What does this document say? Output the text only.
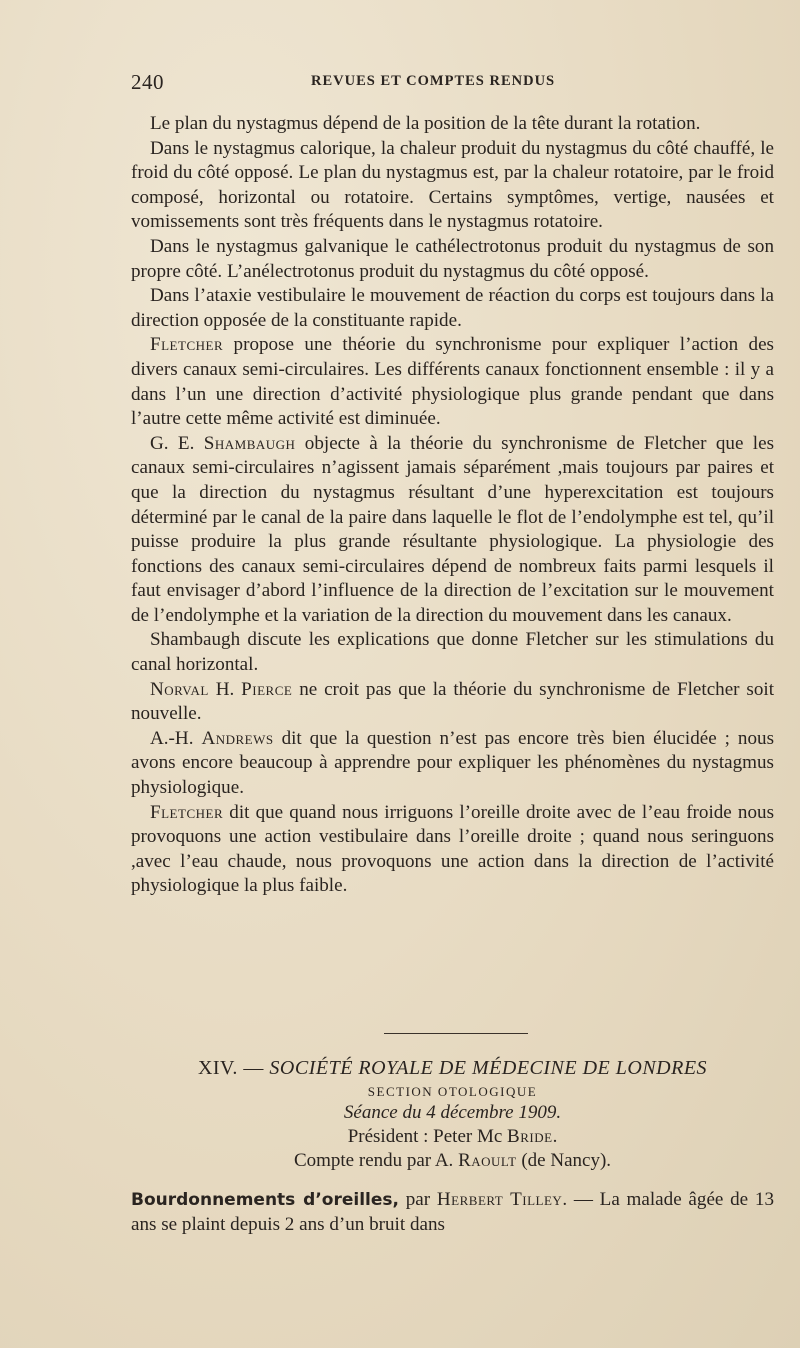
240	REVUES ET COMPTES RENDUS

Le plan du nystagmus dépend de la position de la tête durant la rotation.

Dans le nystagmus calorique, la chaleur produit du nystagmus du côté chauffé, le froid du côté opposé. Le plan du nystagmus est, par la chaleur rotatoire, par le froid composé, horizontal ou rotatoire. Certains symptômes, vertige, nausées et vomissements sont très fréquents dans le nystagmus rotatoire.

Dans le nystagmus galvanique le cathélectrotonus produit du nystagmus de son propre côté. L’anélectrotonus produit du nystagmus du côté opposé.

Dans l’ataxie vestibulaire le mouvement de réaction du corps est toujours dans la direction opposée de la constituante rapide.

Fletcher propose une théorie du synchronisme pour expliquer l’action des divers canaux semi-circulaires. Les différents canaux fonctionnent ensemble : il y a dans l’un une direction d’activité physiologique plus grande pendant que dans l’autre cette même activité est diminuée.

G. E. Shambaugh objecte à la théorie du synchronisme de Fletcher que les canaux semi-circulaires n’agissent jamais séparément ,mais toujours par paires et que la direction du nystagmus résultant d’une hyperexcitation est toujours déterminé par le canal de la paire dans laquelle le flot de l’endolymphe est tel, qu’il puisse produire la plus grande résultante physiologique. La physiologie des fonctions des canaux semi-circulaires dépend de nombreux faits parmi lesquels il faut envisager d’abord l’influence de la direction de l’excitation sur le mouvement de l’endolymphe et la variation de la direction du mouvement dans les canaux.

Shambaugh discute les explications que donne Fletcher sur les stimulations du canal horizontal.

Norval H. Pierce ne croit pas que la théorie du synchronisme de Fletcher soit nouvelle.

A.-H. Andrews dit que la question n’est pas encore très bien élucidée ; nous avons encore beaucoup à apprendre pour expliquer les phénomènes du nystagmus physiologique.

Fletcher dit que quand nous irriguons l’oreille droite avec de l’eau froide nous provoquons une action vestibulaire dans l’oreille droite ; quand nous seringuons ,avec l’eau chaude, nous provoquons une action dans la direction de l’activité physiologique la plus faible.

XIV. — SOCIÉTÉ ROYALE DE MÉDECINE DE LONDRES
SECTION OTOLOGIQUE
Séance du 4 décembre 1909.
Président : Peter Mc Bride.
Compte rendu par A. Raoult (de Nancy).
Bourdonnements d’oreilles, par Herbert Tilley. — La malade âgée de 13 ans se plaint depuis 2 ans d’un bruit dans
